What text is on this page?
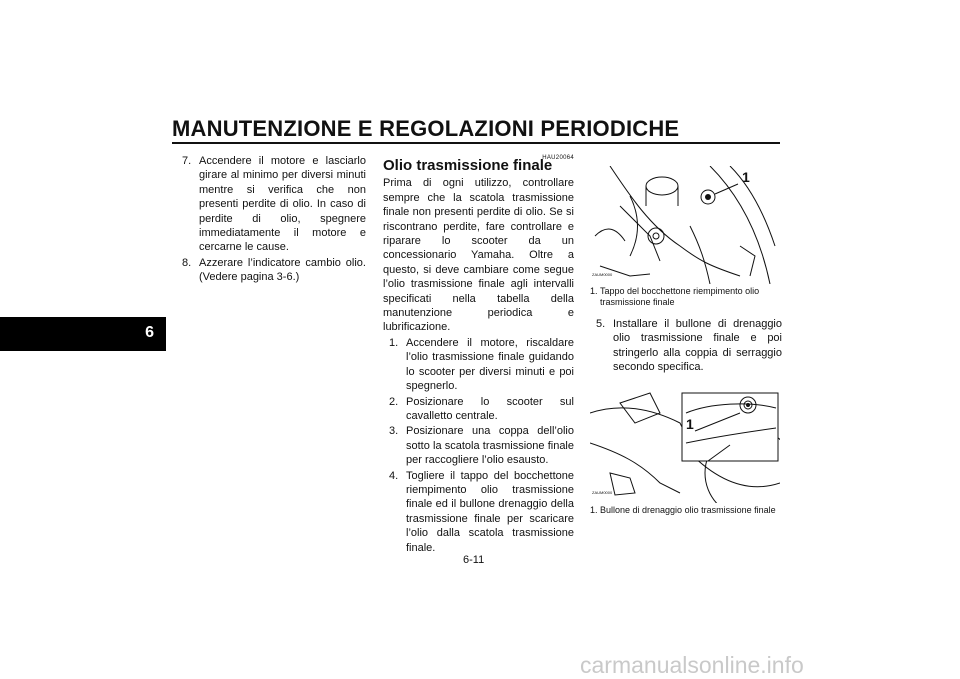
MANUTENZIONE E REGOLAZIONI PERIODICHE
6
7. Accendere il motore e lasciarlo girare al minimo per diversi minuti mentre si verifica che non presenti perdite di olio. In caso di perdite di olio, spegnere immediatamente il motore e cercarne le cause.
8. Azzerare l’indicatore cambio olio. (Vedere pagina 3-6.)
HAU20064
Olio trasmissione finale
Prima di ogni utilizzo, controllare sempre che la scatola trasmissione finale non presenti perdite di olio. Se si riscontrano perdite, fare controllare e riparare lo scooter da un concessionario Yamaha. Oltre a questo, si deve cambiare come segue l’olio trasmissione finale agli intervalli specificati nella tabella della manutenzione periodica e lubrificazione.
1. Accendere il motore, riscaldare l’olio trasmissione finale guidando lo scooter per diversi minuti e poi spegnerlo.
2. Posizionare lo scooter sul cavalletto centrale.
3. Posizionare una coppa dell’olio sotto la scatola trasmissione finale per raccogliere l’olio esausto.
4. Togliere il tappo del bocchettone riempimento olio trasmissione finale ed il bullone drenaggio della trasmissione finale per scaricare l’olio dalla scatola trasmissione finale.
1
ZAUM0000
1. Tappo del bocchettone riempimento olio trasmissione finale
5. Installare il bullone di drenaggio olio trasmissione finale e poi stringerlo alla coppia di serraggio secondo specifica.
1
ZAUM0000
1. Bullone di drenaggio olio trasmissione finale
6-11
carmanualsonline.info
